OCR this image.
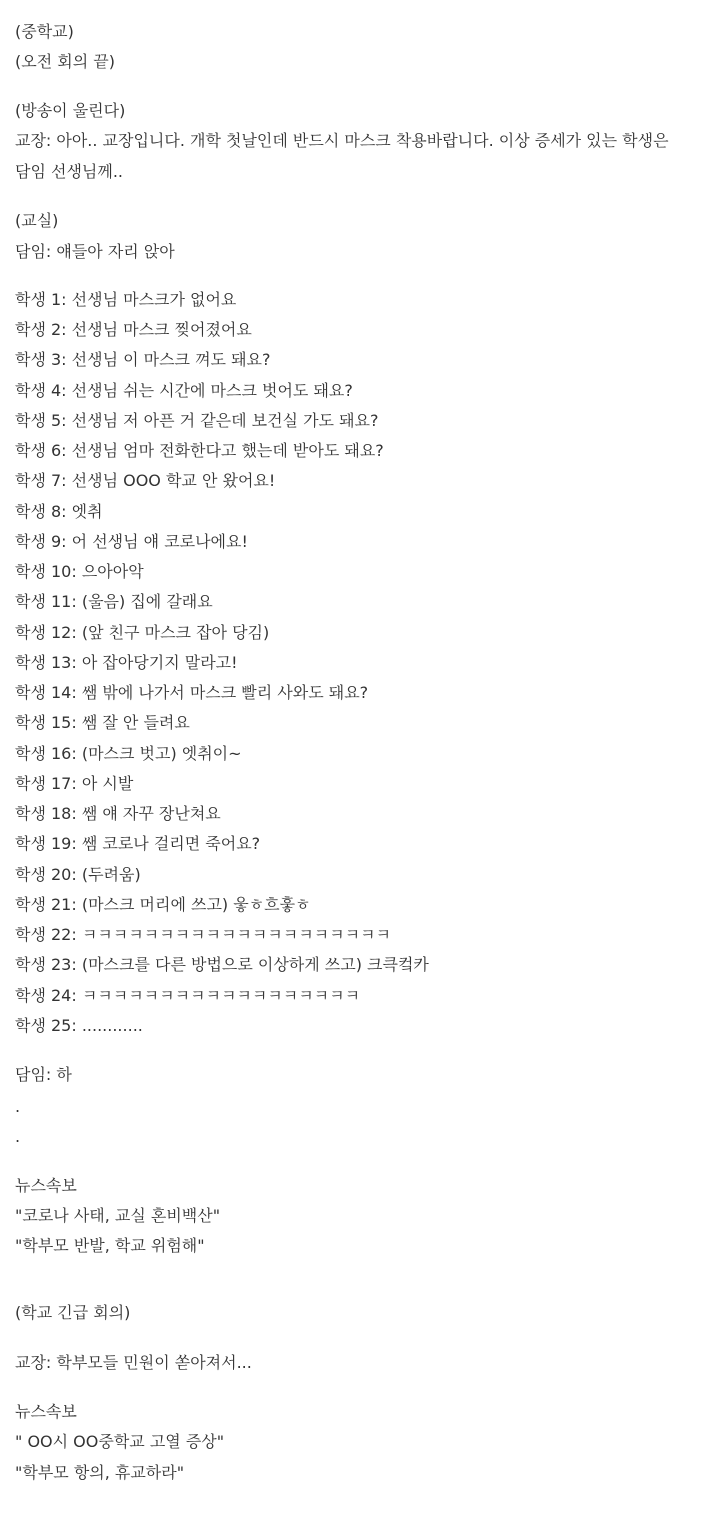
(중학교)
(오전 회의 끝)
(방송이 울린다)
교장: 아아.. 교장입니다. 개학 첫날인데 반드시 마스크 착용바랍니다. 이상 증세가 있는 학생은
담임 선생님께..
(교실)
담임: 얘들아 자리 앉아
학생 1: 선생님 마스크가 없어요
학생 2: 선생님 마스크 찢어졌어요
학생 3: 선생님 이 마스크 껴도 돼요?
학생 4: 선생님 쉬는 시간에 마스크 벗어도 돼요?
학생 5: 선생님 저 아픈 거 같은데 보건실 가도 돼요?
학생 6: 선생님 엄마 전화한다고 했는데 받아도 돼요?
학생 7: 선생님 OOO 학교 안 왔어요!
학생 8: 엣취
학생 9: 어 선생님 얘 코로나에요!
학생 10: 으아아악
학생 11: (울음) 집에 갈래요
학생 12: (앞 친구 마스크 잡아 당김)
학생 13: 아 잡아당기지 말라고!
학생 14: 쌤 밖에 나가서 마스크 빨리 사와도 돼요?
학생 15: 쌤 잘 안 들려요
학생 16: (마스크 벗고) 엣취이~
학생 17: 아 시발
학생 18: 쌤 얘 자꾸 장난쳐요
학생 19: 쌤 코로나 걸리면 죽어요?
학생 20: (두려움)
학생 21: (마스크 머리에 쓰고) 웋ㅎ흐훟ㅎ
학생 22: ㅋㅋㅋㅋㅋㅋㅋㅋㅋㅋㅋㅋㅋㅋㅋㅋㅋㅋㅋㅋ
학생 23: (마스크를 다른 방법으로 이상하게 쓰고) 크큭컼카
학생 24: ㅋㅋㅋㅋㅋㅋㅋㅋㅋㅋㅋㅋㅋㅋㅋㅋㅋㅋ
학생 25: ............
담임: 하
.
.
뉴스속보
"코로나 사태, 교실 혼비백산"
"학부모 반발, 학교 위험해"
(학교 긴급 회의)
교장: 학부모들 민원이 쏟아져서...
뉴스속보
" OO시 OO중학교 고열 증상"
"학부모 항의, 휴교하라"
